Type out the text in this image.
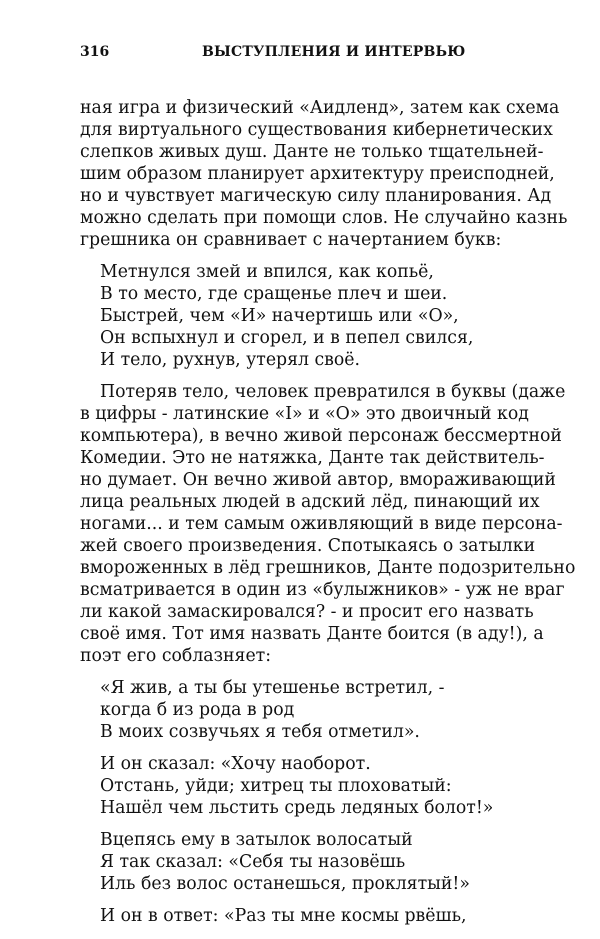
316	ВЫСТУПЛЕНИЯ И ИНТЕРВЬЮ

ная игра и физический «Аидленд», затем как схема

для виртуального существования кибернетических

слепков живых душ. Данте не только тщательней-

шим образом планирует архитектуру преисподней,

но и чувствует магическую силу планирования. Ад

можно сделать при помощи слов. Не случайно казнь

грешника он сравнивает с начертанием букв:

Метнулся змей и впился, как копьё,

В то место, где сращенье плеч и шеи.

Быстрей, чем «И» начертишь или «О»,

Он вспыхнул и сгорел, и в пепел свился,

И тело, рухнув, утерял своё.

Потеряв тело, человек превратился в буквы (даже

в цифры - латинские «I» и «О» это двоичный код

компьютера), в вечно живой персонаж бессмертной

Комедии. Это не натяжка, Данте так действитель-

но думает. Он вечно живой автор, вмораживающий

лица реальных людей в адский лёд, пинающий их

ногами... и тем самым оживляющий в виде персона-

жей своего произведения. Спотыкаясь о затылки

вмороженных в лёд грешников, Данте подозрительно

всматривается в один из «булыжников» - уж не враг

ли какой замаскировался? - и просит его назвать

своё имя. Тот имя назвать Данте боится (в аду!), а

поэт его соблазняет:

«Я жив, а ты бы утешенье встретил, -

когда б из рода в род

В моих созвучьях я тебя отметил».

И он сказал: «Хочу наоборот.

Отстань, уйди; хитрец ты плоховатый:

Нашёл чем льстить средь ледяных болот!»

Вцепясь ему в затылок волосатый

Я так сказал: «Себя ты назовёшь

Иль без волос останешься, проклятый!»

И он в ответ: «Раз ты мне космы рвёшь,
